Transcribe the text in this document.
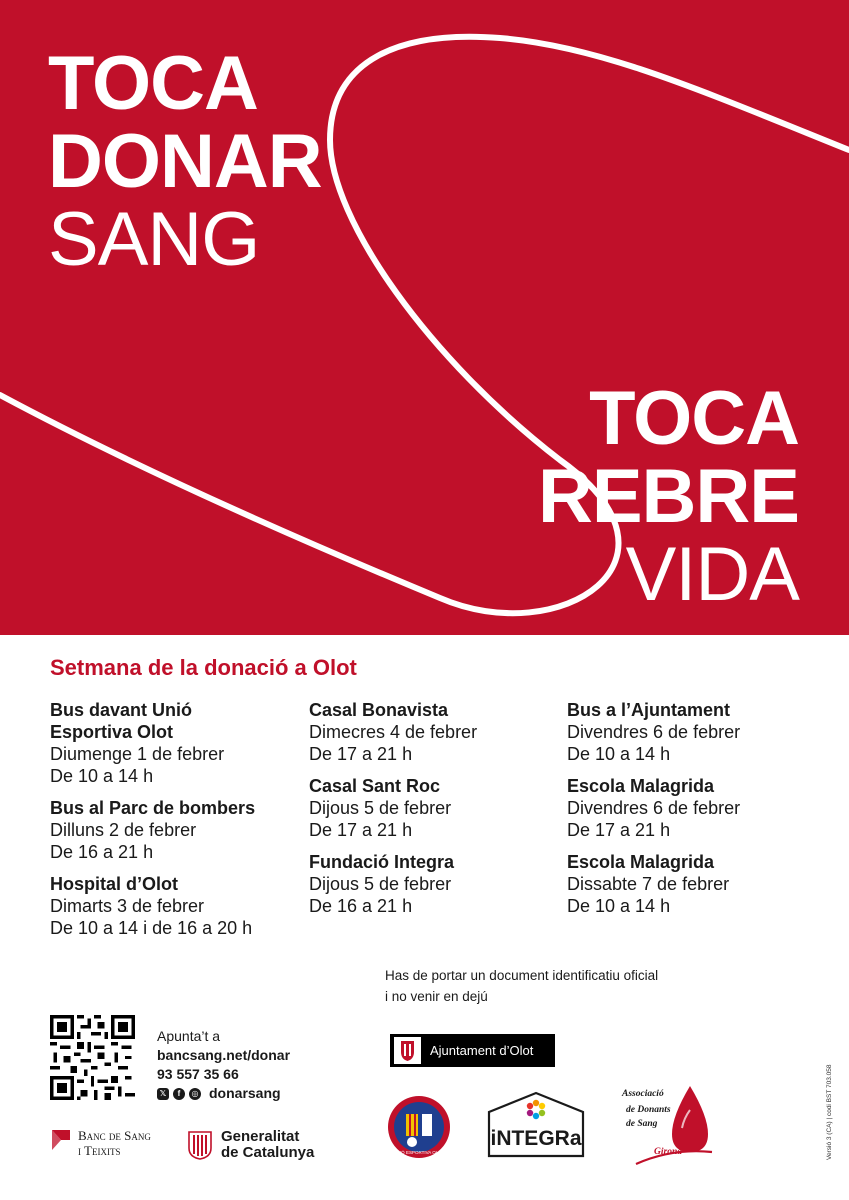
TOCA
DONAR
SANG
TOCA
REBRE
VIDA
Setmana de la donació a Olot
Bus davant Unió
Esportiva Olot
Diumenge 1 de febrer
De 10 a 14 h
Bus al Parc de bombers
Dilluns 2 de febrer
De 16 a 21 h
Hospital d’Olot
Dimarts 3 de febrer
De 10 a 14 i de 16 a 20 h
Casal Bonavista
Dimecres 4 de febrer
De 17 a 21 h
Casal Sant Roc
Dijous 5 de febrer
De 17 a 21 h
Fundació Integra
Dijous 5 de febrer
De 16 a 21 h
Bus a l’Ajuntament
Divendres 6 de febrer
De 10 a 14 h
Escola Malagrida
Divendres 6 de febrer
De 17 a 21 h
Escola Malagrida
Dissabte 7 de febrer
De 10 a 14 h
Has de portar un document identificatiu oficial
i no venir en dejú
Apunta’t a
bancsang.net/donar
93 557 35 66
𝕏	f	◎ donarsang
Banc de Sang
i Teixits
Generalitat
de Catalunya
Ajuntament d’Olot
UNIÓ ESPORTIVA OLOT
iNTEGRa
Associació
de Donants
de Sang
Girona	Versió 3 (CA) | codi BST 703.058
